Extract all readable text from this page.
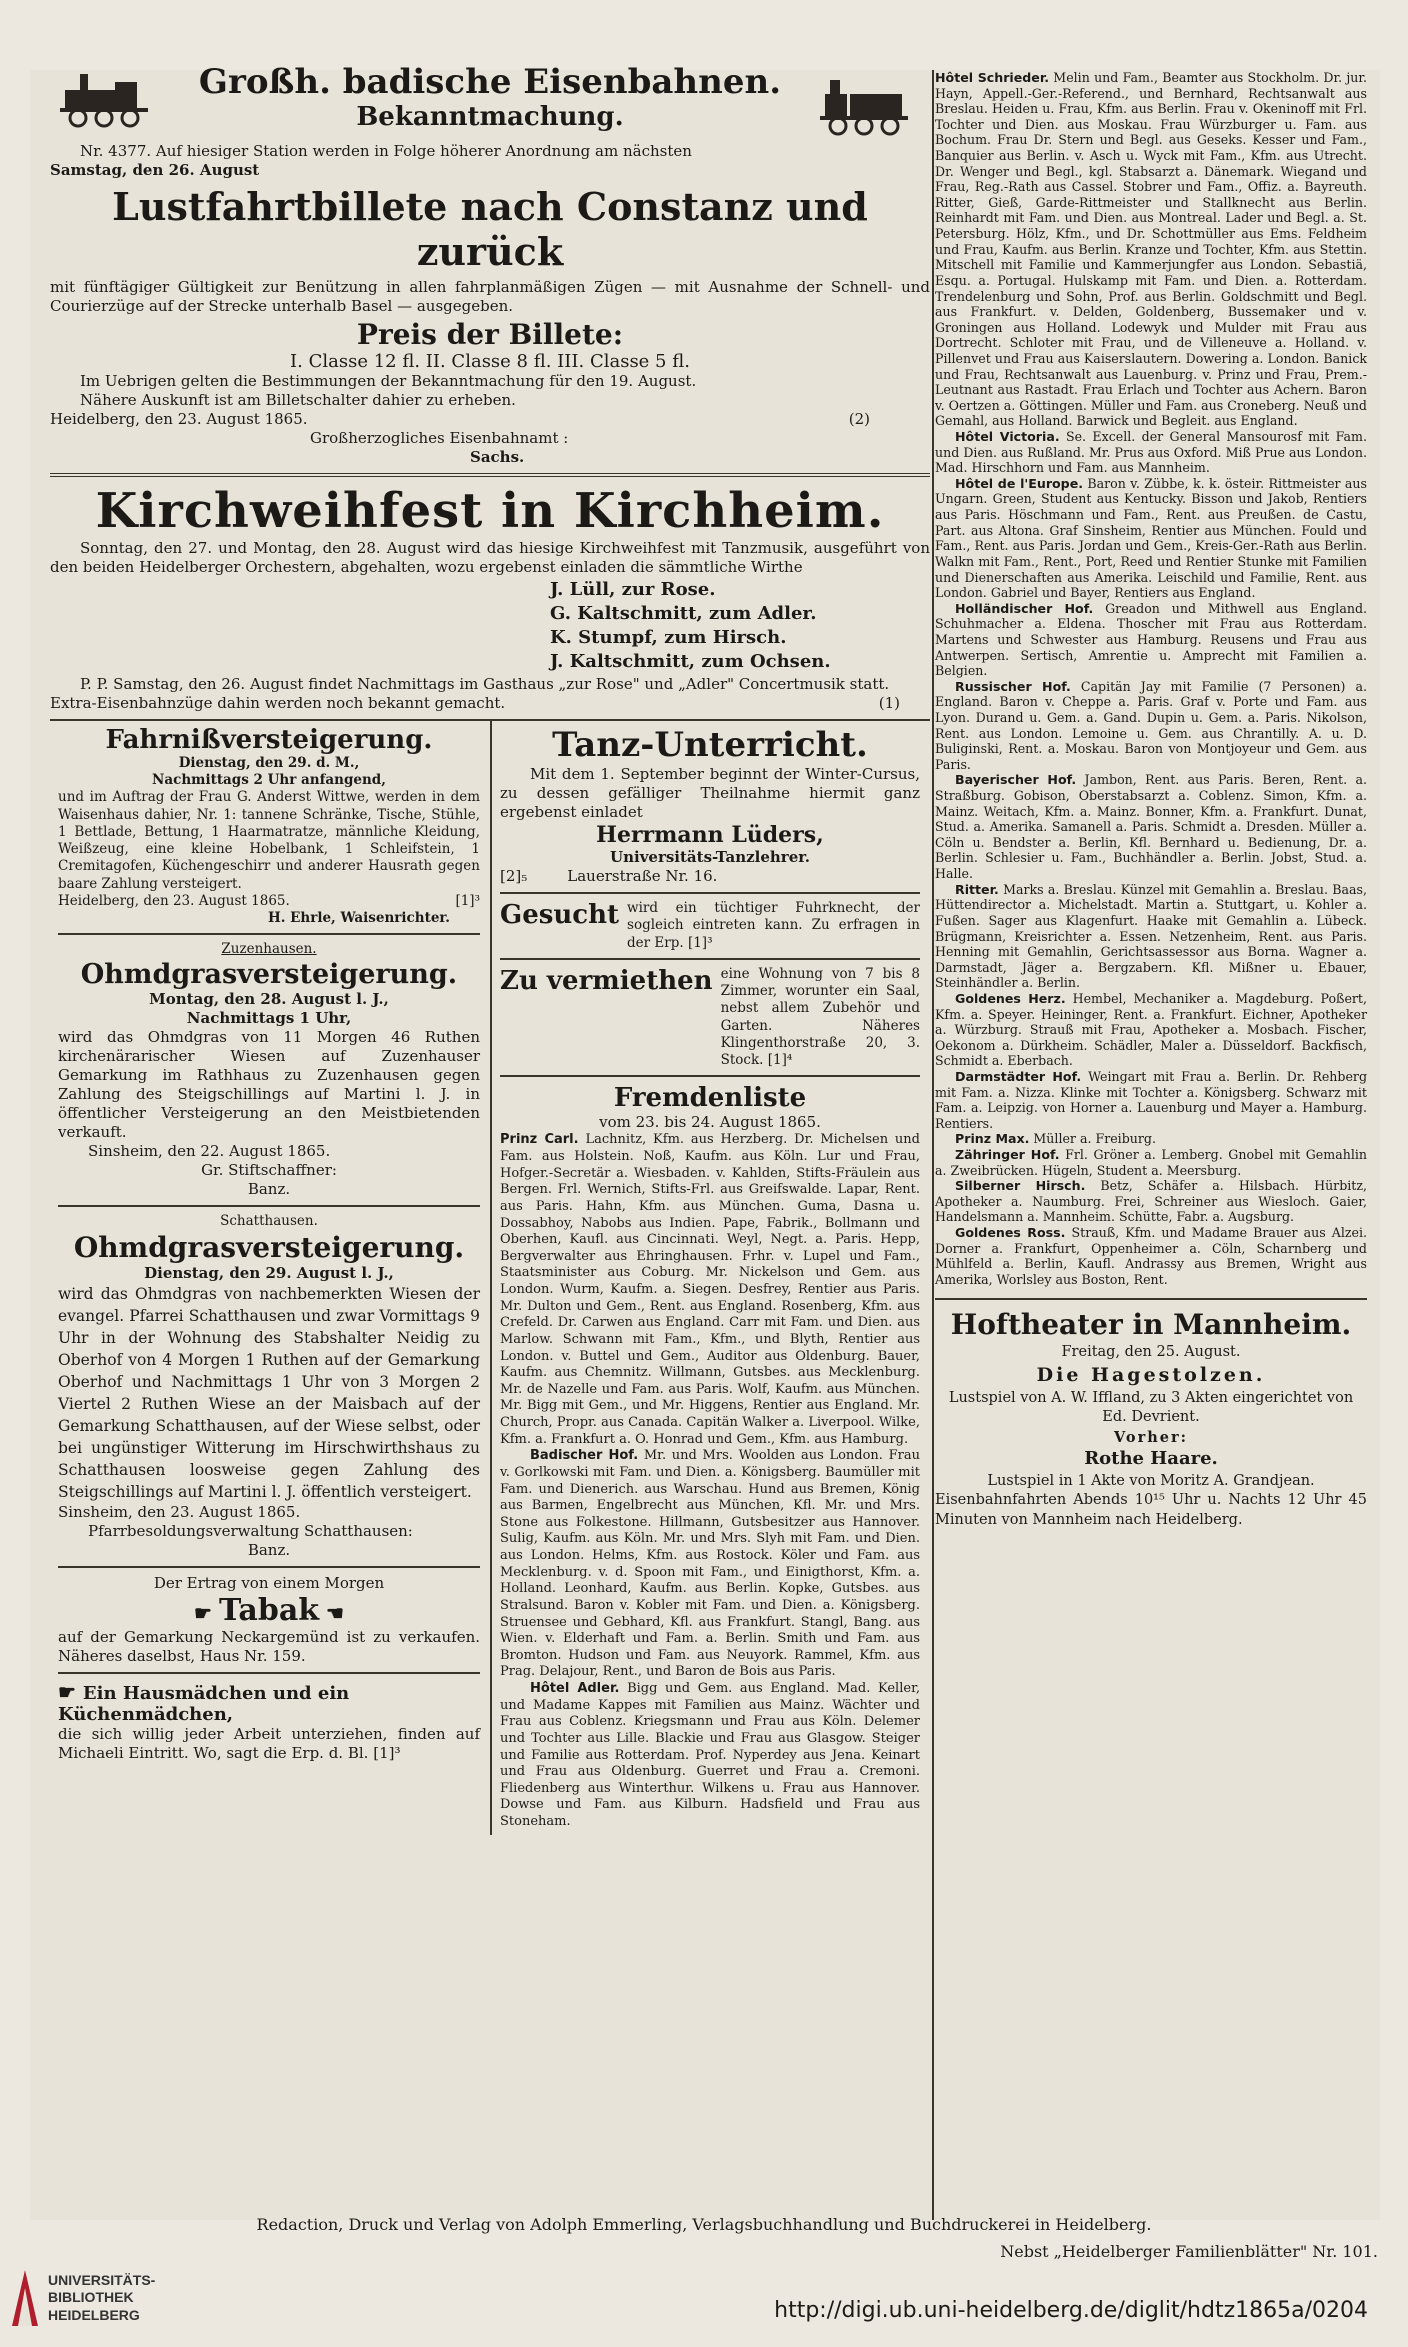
Großh. badische Eisenbahnen.
Bekanntmachung.
Nr. 4377. Auf hiesiger Station werden in Folge höherer Anordnung am nächsten
Samstag, den 26. August
Lustfahrtbillete nach Constanz und zurück
mit fünftägiger Gültigkeit zur Benützung in allen fahrplanmäßigen Zügen — mit Ausnahme der Schnell- und Courierzüge auf der Strecke unterhalb Basel — ausgegeben.
Preis der Billete:
I. Classe 12 fl. II. Classe 8 fl. III. Classe 5 fl.
Im Uebrigen gelten die Bestimmungen der Bekanntmachung für den 19. August.
Nähere Auskunft ist am Billetschalter dahier zu erheben.
Heidelberg, den 23. August 1865.	(2)
Großherzogliches Eisenbahnamt :
Sachs.
Kirchweihfest in Kirchheim.
Sonntag, den 27. und Montag, den 28. August wird das hiesige Kirchweihfest mit Tanzmusik, ausgeführt von den beiden Heidelberger Orchestern, abgehalten, wozu ergebenst einladen die sämmtliche Wirthe
J. Lüll, zur Rose.
G. Kaltschmitt, zum Adler.
K. Stumpf, zum Hirsch.
J. Kaltschmitt, zum Ochsen.
P. P. Samstag, den 26. August findet Nachmittags im Gasthaus „zur Rose" und „Adler" Concertmusik statt.
Extra-Eisenbahnzüge dahin werden noch bekannt gemacht.	(1)
Fahrnißversteigerung.
Dienstag, den 29. d. M.,
Nachmittags 2 Uhr anfangend,
und im Auftrag der Frau G. Anderst Wittwe, werden in dem Waisenhaus dahier, Nr. 1: tannene Schränke, Tische, Stühle, 1 Bettlade, Bettung, 1 Haarmatratze, männliche Kleidung, Weißzeug, eine kleine Hobelbank, 1 Schleifstein, 1 Cremitagofen, Küchengeschirr und anderer Hausrath gegen baare Zahlung versteigert.
Heidelberg, den 23. August 1865.	[1]³
H. Ehrle, Waisenrichter.
Zuzenhausen.
Ohmdgrasversteigerung.
Montag, den 28. August l. J.,
Nachmittags 1 Uhr,
wird das Ohmdgras von 11 Morgen 46 Ruthen kirchenärarischer Wiesen auf Zuzenhauser Gemarkung im Rathhaus zu Zuzenhausen gegen Zahlung des Steigschillings auf Martini l. J. in öffentlicher Versteigerung an den Meistbietenden verkauft.
Sinsheim, den 22. August 1865.
Gr. Stiftschaffner:
Banz.
Schatthausen.
Ohmdgrasversteigerung.
Dienstag, den 29. August l. J.,
wird das Ohmdgras von nachbemerkten Wiesen der evangel. Pfarrei Schatthausen und zwar Vormittags 9 Uhr in der Wohnung des Stabshalter Neidig zu Oberhof von 4 Morgen 1 Ruthen auf der Gemarkung Oberhof und Nachmittags 1 Uhr von 3 Morgen 2 Viertel 2 Ruthen Wiese an der Maisbach auf der Gemarkung Schatthausen, auf der Wiese selbst, oder bei ungünstiger Witterung im Hirschwirthshaus zu Schatthausen loosweise gegen Zahlung des Steigschillings auf Martini l. J. öffentlich versteigert.
Sinsheim, den 23. August 1865.
Pfarrbesoldungsverwaltung Schatthausen:
Banz.
Der Ertrag von einem Morgen
☛ Tabak ☚
auf der Gemarkung Neckargemünd ist zu verkaufen. Näheres daselbst, Haus Nr. 159.
☛ Ein Hausmädchen und ein Küchenmädchen,
die sich willig jeder Arbeit unterziehen, finden auf Michaeli Eintritt. Wo, sagt die Erp. d. Bl. [1]³
Tanz-Unterricht.
Mit dem 1. September beginnt der Winter-Cursus, zu dessen gefälliger Theilnahme hiermit ganz ergebenst einladet
Herrmann Lüders,
Universitäts-Tanzlehrer.
[2]₅	Lauerstraße Nr. 16.
Gesucht wird ein tüchtiger Fuhrknecht, der sogleich eintreten kann. Zu erfragen in der Erp. [1]³
Zu vermiethen eine Wohnung von 7 bis 8 Zimmer, worunter ein Saal, nebst allem Zubehör und Garten. Näheres Klingenthorstraße 20, 3. Stock. [1]⁴
Fremdenliste
vom 23. bis 24. August 1865.
Prinz Carl. Lachnitz, Kfm. aus Herzberg. Dr. Michelsen und Fam. aus Holstein. Noß, Kaufm. aus Köln. Lur und Frau, Hofger.-Secretär a. Wiesbaden. v. Kahlden, Stifts-Fräulein aus Bergen. Frl. Wernich, Stifts-Frl. aus Greifswalde. Lapar, Rent. aus Paris. Hahn, Kfm. aus München. Guma, Dasna u. Dossabhoy, Nabobs aus Indien. Pape, Fabrik., Bollmann und Oberhen, Kaufl. aus Cincinnati. Weyl, Negt. a. Paris. Hepp, Bergverwalter aus Ehringhausen. Frhr. v. Lupel und Fam., Staatsminister aus Coburg. Mr. Nickelson und Gem. aus London. Wurm, Kaufm. a. Siegen. Desfrey, Rentier aus Paris. Mr. Dulton und Gem., Rent. aus England. Rosenberg, Kfm. aus Crefeld. Dr. Carwen aus England. Carr mit Fam. und Dien. aus Marlow. Schwann mit Fam., Kfm., und Blyth, Rentier aus London. v. Buttel und Gem., Auditor aus Oldenburg. Bauer, Kaufm. aus Chemnitz. Willmann, Gutsbes. aus Mecklenburg. Mr. de Nazelle und Fam. aus Paris. Wolf, Kaufm. aus München. Mr. Bigg mit Gem., und Mr. Higgens, Rentier aus England. Mr. Church, Propr. aus Canada. Capitän Walker a. Liverpool. Wilke, Kfm. a. Frankfurt a. O. Honrad und Gem., Kfm. aus Hamburg.
Badischer Hof. Mr. und Mrs. Woolden aus London. Frau v. Gorlkowski mit Fam. und Dien. a. Königsberg. Baumüller mit Fam. und Dienerich. aus Warschau. Hund aus Bremen, König aus Barmen, Engelbrecht aus München, Kfl. Mr. und Mrs. Stone aus Folkestone. Hillmann, Gutsbesitzer aus Hannover. Sulig, Kaufm. aus Köln. Mr. und Mrs. Slyh mit Fam. und Dien. aus London. Helms, Kfm. aus Rostock. Köler und Fam. aus Mecklenburg. v. d. Spoon mit Fam., und Einigthorst, Kfm. a. Holland. Leonhard, Kaufm. aus Berlin. Kopke, Gutsbes. aus Stralsund. Baron v. Kobler mit Fam. und Dien. a. Königsberg. Struensee und Gebhard, Kfl. aus Frankfurt. Stangl, Bang. aus Wien. v. Elderhaft und Fam. a. Berlin. Smith und Fam. aus Bromton. Hudson und Fam. aus Neuyork. Rammel, Kfm. aus Prag. Delajour, Rent., und Baron de Bois aus Paris.
Hôtel Adler. Bigg und Gem. aus England. Mad. Keller, und Madame Kappes mit Familien aus Mainz. Wächter und Frau aus Coblenz. Kriegsmann und Frau aus Köln. Delemer und Tochter aus Lille. Blackie und Frau aus Glasgow. Steiger und Familie aus Rotterdam. Prof. Nyperdey aus Jena. Keinart und Frau aus Oldenburg. Guerret und Frau a. Cremoni. Fliedenberg aus Winterthur. Wilkens u. Frau aus Hannover. Dowse und Fam. aus Kilburn. Hadsfield und Frau aus Stoneham.
Hôtel Schrieder. Melin und Fam., Beamter aus Stockholm. Dr. jur. Hayn, Appell.-Ger.-Referend., und Bernhard, Rechtsanwalt aus Breslau. Heiden u. Frau, Kfm. aus Berlin. Frau v. Okeninoff mit Frl. Tochter und Dien. aus Moskau. Frau Würzburger u. Fam. aus Bochum. Frau Dr. Stern und Begl. aus Geseks. Kesser und Fam., Banquier aus Berlin. v. Asch u. Wyck mit Fam., Kfm. aus Utrecht. Dr. Wenger und Begl., kgl. Stabsarzt a. Dänemark. Wiegand und Frau, Reg.-Rath aus Cassel. Stobrer und Fam., Offiz. a. Bayreuth. Ritter, Gieß, Garde-Rittmeister und Stallknecht aus Berlin. Reinhardt mit Fam. und Dien. aus Montreal. Lader und Begl. a. St. Petersburg. Hölz, Kfm., und Dr. Schottmüller aus Ems. Feldheim und Frau, Kaufm. aus Berlin. Kranze und Tochter, Kfm. aus Stettin. Mitschell mit Familie und Kammerjungfer aus London. Sebastiä, Esqu. a. Portugal. Hulskamp mit Fam. und Dien. a. Rotterdam. Trendelenburg und Sohn, Prof. aus Berlin. Goldschmitt und Begl. aus Frankfurt. v. Delden, Goldenberg, Bussemaker und v. Groningen aus Holland. Lodewyk und Mulder mit Frau aus Dortrecht. Schloter mit Frau, und de Villeneuve a. Holland. v. Pillenvet und Frau aus Kaiserslautern. Dowering a. London. Banick und Frau, Rechtsanwalt aus Lauenburg. v. Prinz und Frau, Prem.-Leutnant aus Rastadt. Frau Erlach und Tochter aus Achern. Baron v. Oertzen a. Göttingen. Müller und Fam. aus Croneberg. Neuß und Gemahl, aus Holland. Barwick und Begleit. aus England.
Hôtel Victoria. Se. Excell. der General Mansourosf mit Fam. und Dien. aus Rußland. Mr. Prus aus Oxford. Miß Prue aus London. Mad. Hirschhorn und Fam. aus Mannheim.
Hôtel de l'Europe. Baron v. Zübbe, k. k. östeir. Rittmeister aus Ungarn. Green, Student aus Kentucky. Bisson und Jakob, Rentiers aus Paris. Höschmann und Fam., Rent. aus Preußen. de Castu, Part. aus Altona. Graf Sinsheim, Rentier aus München. Fould und Fam., Rent. aus Paris. Jordan und Gem., Kreis-Ger.-Rath aus Berlin. Walkn mit Fam., Rent., Port, Reed und Rentier Stunke mit Familien und Dienerschaften aus Amerika. Leischild und Familie, Rent. aus London. Gabriel und Bayer, Rentiers aus England.
Holländischer Hof. Greadon und Mithwell aus England. Schuhmacher a. Eldena. Thoscher mit Frau aus Rotterdam. Martens und Schwester aus Hamburg. Reusens und Frau aus Antwerpen. Sertisch, Amrentie u. Amprecht mit Familien a. Belgien.
Russischer Hof. Capitän Jay mit Familie (7 Personen) a. England. Baron v. Cheppe a. Paris. Graf v. Porte und Fam. aus Lyon. Durand u. Gem. a. Gand. Dupin u. Gem. a. Paris. Nikolson, Rent. aus London. Lemoine u. Gem. aus Chrantilly. A. u. D. Buliginski, Rent. a. Moskau. Baron von Montjoyeur und Gem. aus Paris.
Bayerischer Hof. Jambon, Rent. aus Paris. Beren, Rent. a. Straßburg. Gobison, Oberstabsarzt a. Coblenz. Simon, Kfm. a. Mainz. Weitach, Kfm. a. Mainz. Bonner, Kfm. a. Frankfurt. Dunat, Stud. a. Amerika. Samanell a. Paris. Schmidt a. Dresden. Müller a. Cöln u. Bendster a. Berlin, Kfl. Bernhard u. Bedienung, Dr. a. Berlin. Schlesier u. Fam., Buchhändler a. Berlin. Jobst, Stud. a. Halle.
Ritter. Marks a. Breslau. Künzel mit Gemahlin a. Breslau. Baas, Hüttendirector a. Michelstadt. Martin a. Stuttgart, u. Kohler a. Fußen. Sager aus Klagenfurt. Haake mit Gemahlin a. Lübeck. Brügmann, Kreisrichter a. Essen. Netzenheim, Rent. aus Paris. Henning mit Gemahlin, Gerichtsassessor aus Borna. Wagner a. Darmstadt, Jäger a. Bergzabern. Kfl. Mißner u. Ebauer, Steinhändler a. Berlin.
Goldenes Herz. Hembel, Mechaniker a. Magdeburg. Poßert, Kfm. a. Speyer. Heininger, Rent. a. Frankfurt. Eichner, Apotheker a. Würzburg. Strauß mit Frau, Apotheker a. Mosbach. Fischer, Oekonom a. Dürkheim. Schädler, Maler a. Düsseldorf. Backfisch, Schmidt a. Eberbach.
Darmstädter Hof. Weingart mit Frau a. Berlin. Dr. Rehberg mit Fam. a. Nizza. Klinke mit Tochter a. Königsberg. Schwarz mit Fam. a. Leipzig. von Horner a. Lauenburg und Mayer a. Hamburg. Rentiers.
Prinz Max. Müller a. Freiburg.
Zähringer Hof. Frl. Gröner a. Lemberg. Gnobel mit Gemahlin a. Zweibrücken. Hügeln, Student a. Meersburg.
Silberner Hirsch. Betz, Schäfer a. Hilsbach. Hürbitz, Apotheker a. Naumburg. Frei, Schreiner aus Wiesloch. Gaier, Handelsmann a. Mannheim. Schütte, Fabr. a. Augsburg.
Goldenes Ross. Strauß, Kfm. und Madame Brauer aus Alzei. Dorner a. Frankfurt, Oppenheimer a. Cöln, Scharnberg und Mühlfeld a. Berlin, Kaufl. Andrassy aus Bremen, Wright aus Amerika, Worlsley aus Boston, Rent.
Hoftheater in Mannheim.
Freitag, den 25. August.
Die Hagestolzen.
Lustspiel von A. W. Iffland, zu 3 Akten eingerichtet von Ed. Devrient.
Vorher:
Rothe Haare.
Lustspiel in 1 Akte von Moritz A. Grandjean.
Eisenbahnfahrten Abends 10¹⁵ Uhr u. Nachts 12 Uhr 45 Minuten von Mannheim nach Heidelberg.
Redaction, Druck und Verlag von Adolph Emmerling, Verlagsbuchhandlung und Buchdruckerei in Heidelberg.
Nebst „Heidelberger Familienblätter" Nr. 101.
UNIVERSITÄTS-
BIBLIOTHEK
HEIDELBERG	http://digi.ub.uni-heidelberg.de/diglit/hdtz1865a/0204
